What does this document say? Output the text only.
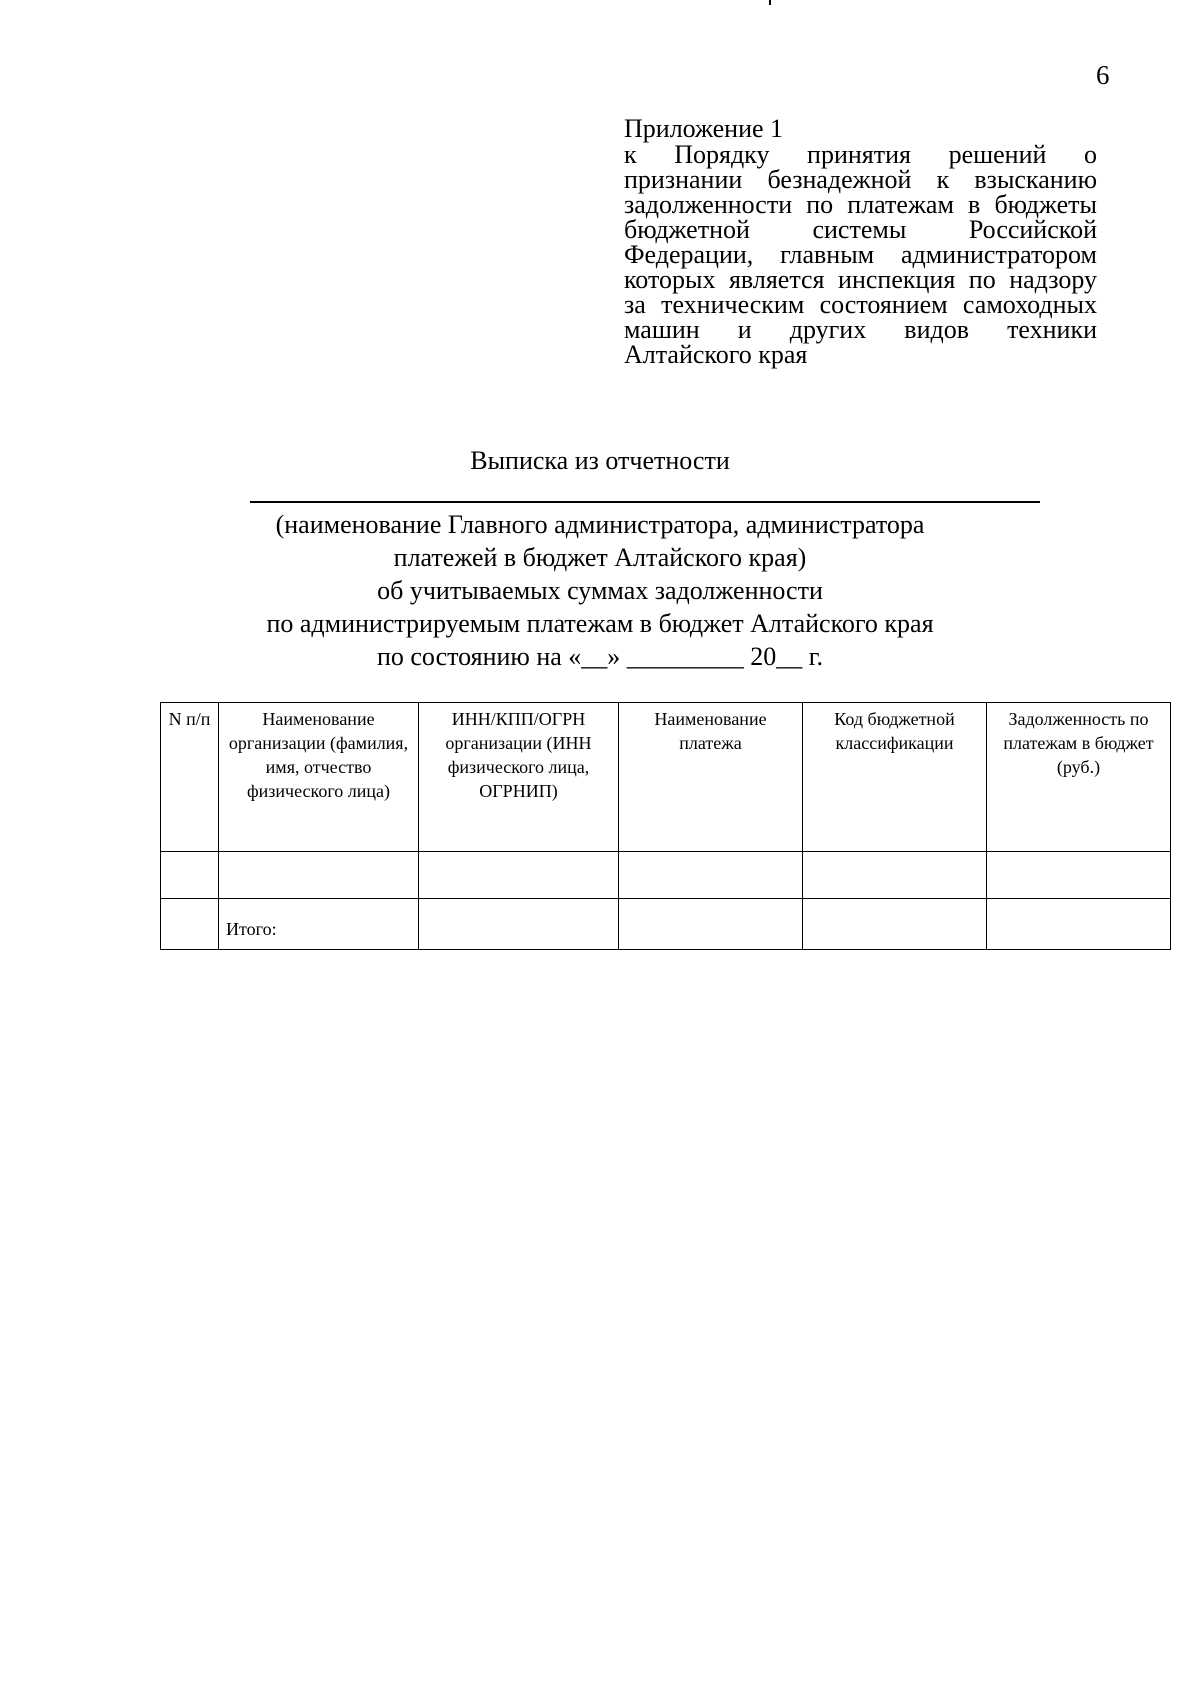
6
Приложение 1
к Порядку принятия решений о признании безнадежной к взысканию задолженности по платежам в бюджеты бюджетной системы Российской Федерации, главным администратором которых является инспекция по надзору за техническим состоянием самоходных машин и других видов техники Алтайского края
Выписка из отчетности
(наименование Главного администратора, администратора
платежей в бюджет Алтайского края)
об учитываемых суммах задолженности
по администрируемым платежам в бюджет Алтайского края
по состоянию на «__» _________ 20__ г.
N п/п	Наименование организации (фамилия, имя, отчество физического лица)	ИНН/КПП/ОГРН организации (ИНН физического лица, ОГРНИП)	Наименование платежа	Код бюджетной классификации	Задолженность по платежам в бюджет (руб.)

	Итого:				
